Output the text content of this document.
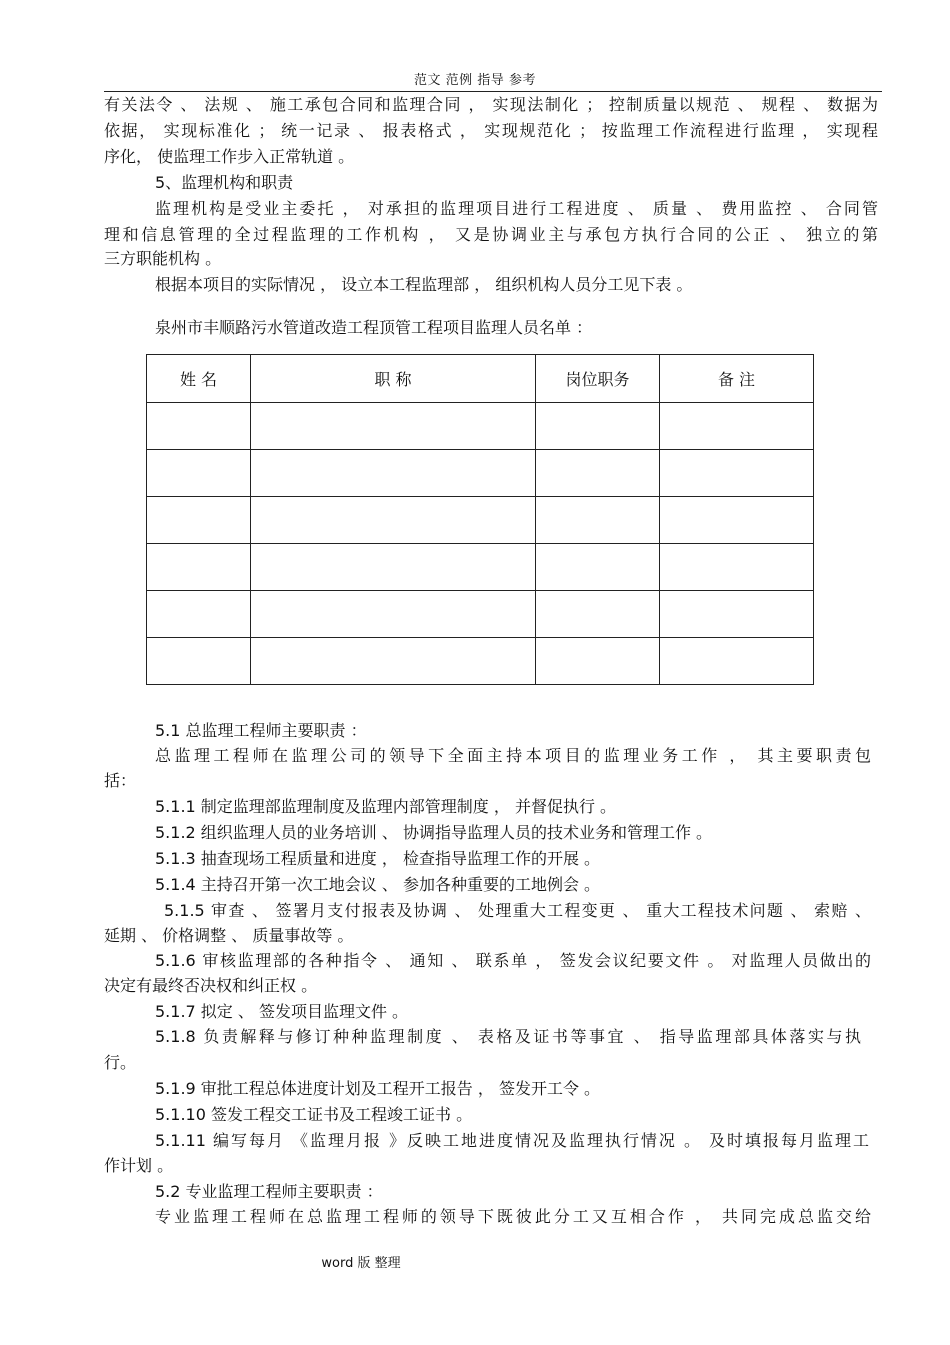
范文 范例 指导 参考
有关法令 、 法规 、 施工承包合同和监理合同 ， 实现法制化 ； 控制质量以规范 、 规程 、 数据为
依据， 实现标准化 ； 统一记录 、 报表格式 ， 实现规范化 ； 按监理工作流程进行监理 ， 实现程
序化， 使监理工作步入正常轨道 。
5、监理机构和职责
监理机构是受业主委托 ， 对承担的监理项目进行工程进度 、 质量 、 费用监控 、 合同管
理和信息管理的全过程监理的工作机构 ， 又是协调业主与承包方执行合同的公正 、 独立的第
三方职能机构 。
根据本项目的实际情况 ， 设立本工程监理部 ， 组织机构人员分工见下表 。
泉州市丰顺路污水管道改造工程顶管工程项目监理人员名单 ：
姓 名	职 称	岗位职务	备 注

5.1 总监理工程师主要职责 ：
总监理工程师在监理公司的领导下全面主持本项目的监理业务工作 ， 其主要职责包
括：
5.1.1 制定监理部监理制度及监理内部管理制度 ， 并督促执行 。
5.1.2 组织监理人员的业务培训 、 协调指导监理人员的技术业务和管理工作 。
5.1.3 抽查现场工程质量和进度 ， 检查指导监理工作的开展 。
5.1.4 主持召开第一次工地会议 、 参加各种重要的工地例会 。
5.1.5 审查 、 签署月支付报表及协调 、 处理重大工程变更 、 重大工程技术问题 、 索赔 、
延期 、 价格调整 、 质量事故等 。
5.1.6 审核监理部的各种指令 、 通知 、 联系单 ， 签发会议纪要文件 。 对监理人员做出的
决定有最终否决权和纠正权 。
5.1.7 拟定 、 签发项目监理文件 。
5.1.8 负责解释与修订种种监理制度 、 表格及证书等事宜 、 指导监理部具体落实与执
行。
5.1.9 审批工程总体进度计划及工程开工报告 ， 签发开工令 。
5.1.10 签发工程交工证书及工程竣工证书 。
5.1.11 编写每月 《监理月报 》反映工地进度情况及监理执行情况 。 及时填报每月监理工
作计划 。
5.2 专业监理工程师主要职责 ：
专业监理工程师在总监理工程师的领导下既彼此分工又互相合作 ， 共同完成总监交给
word 版 整理
